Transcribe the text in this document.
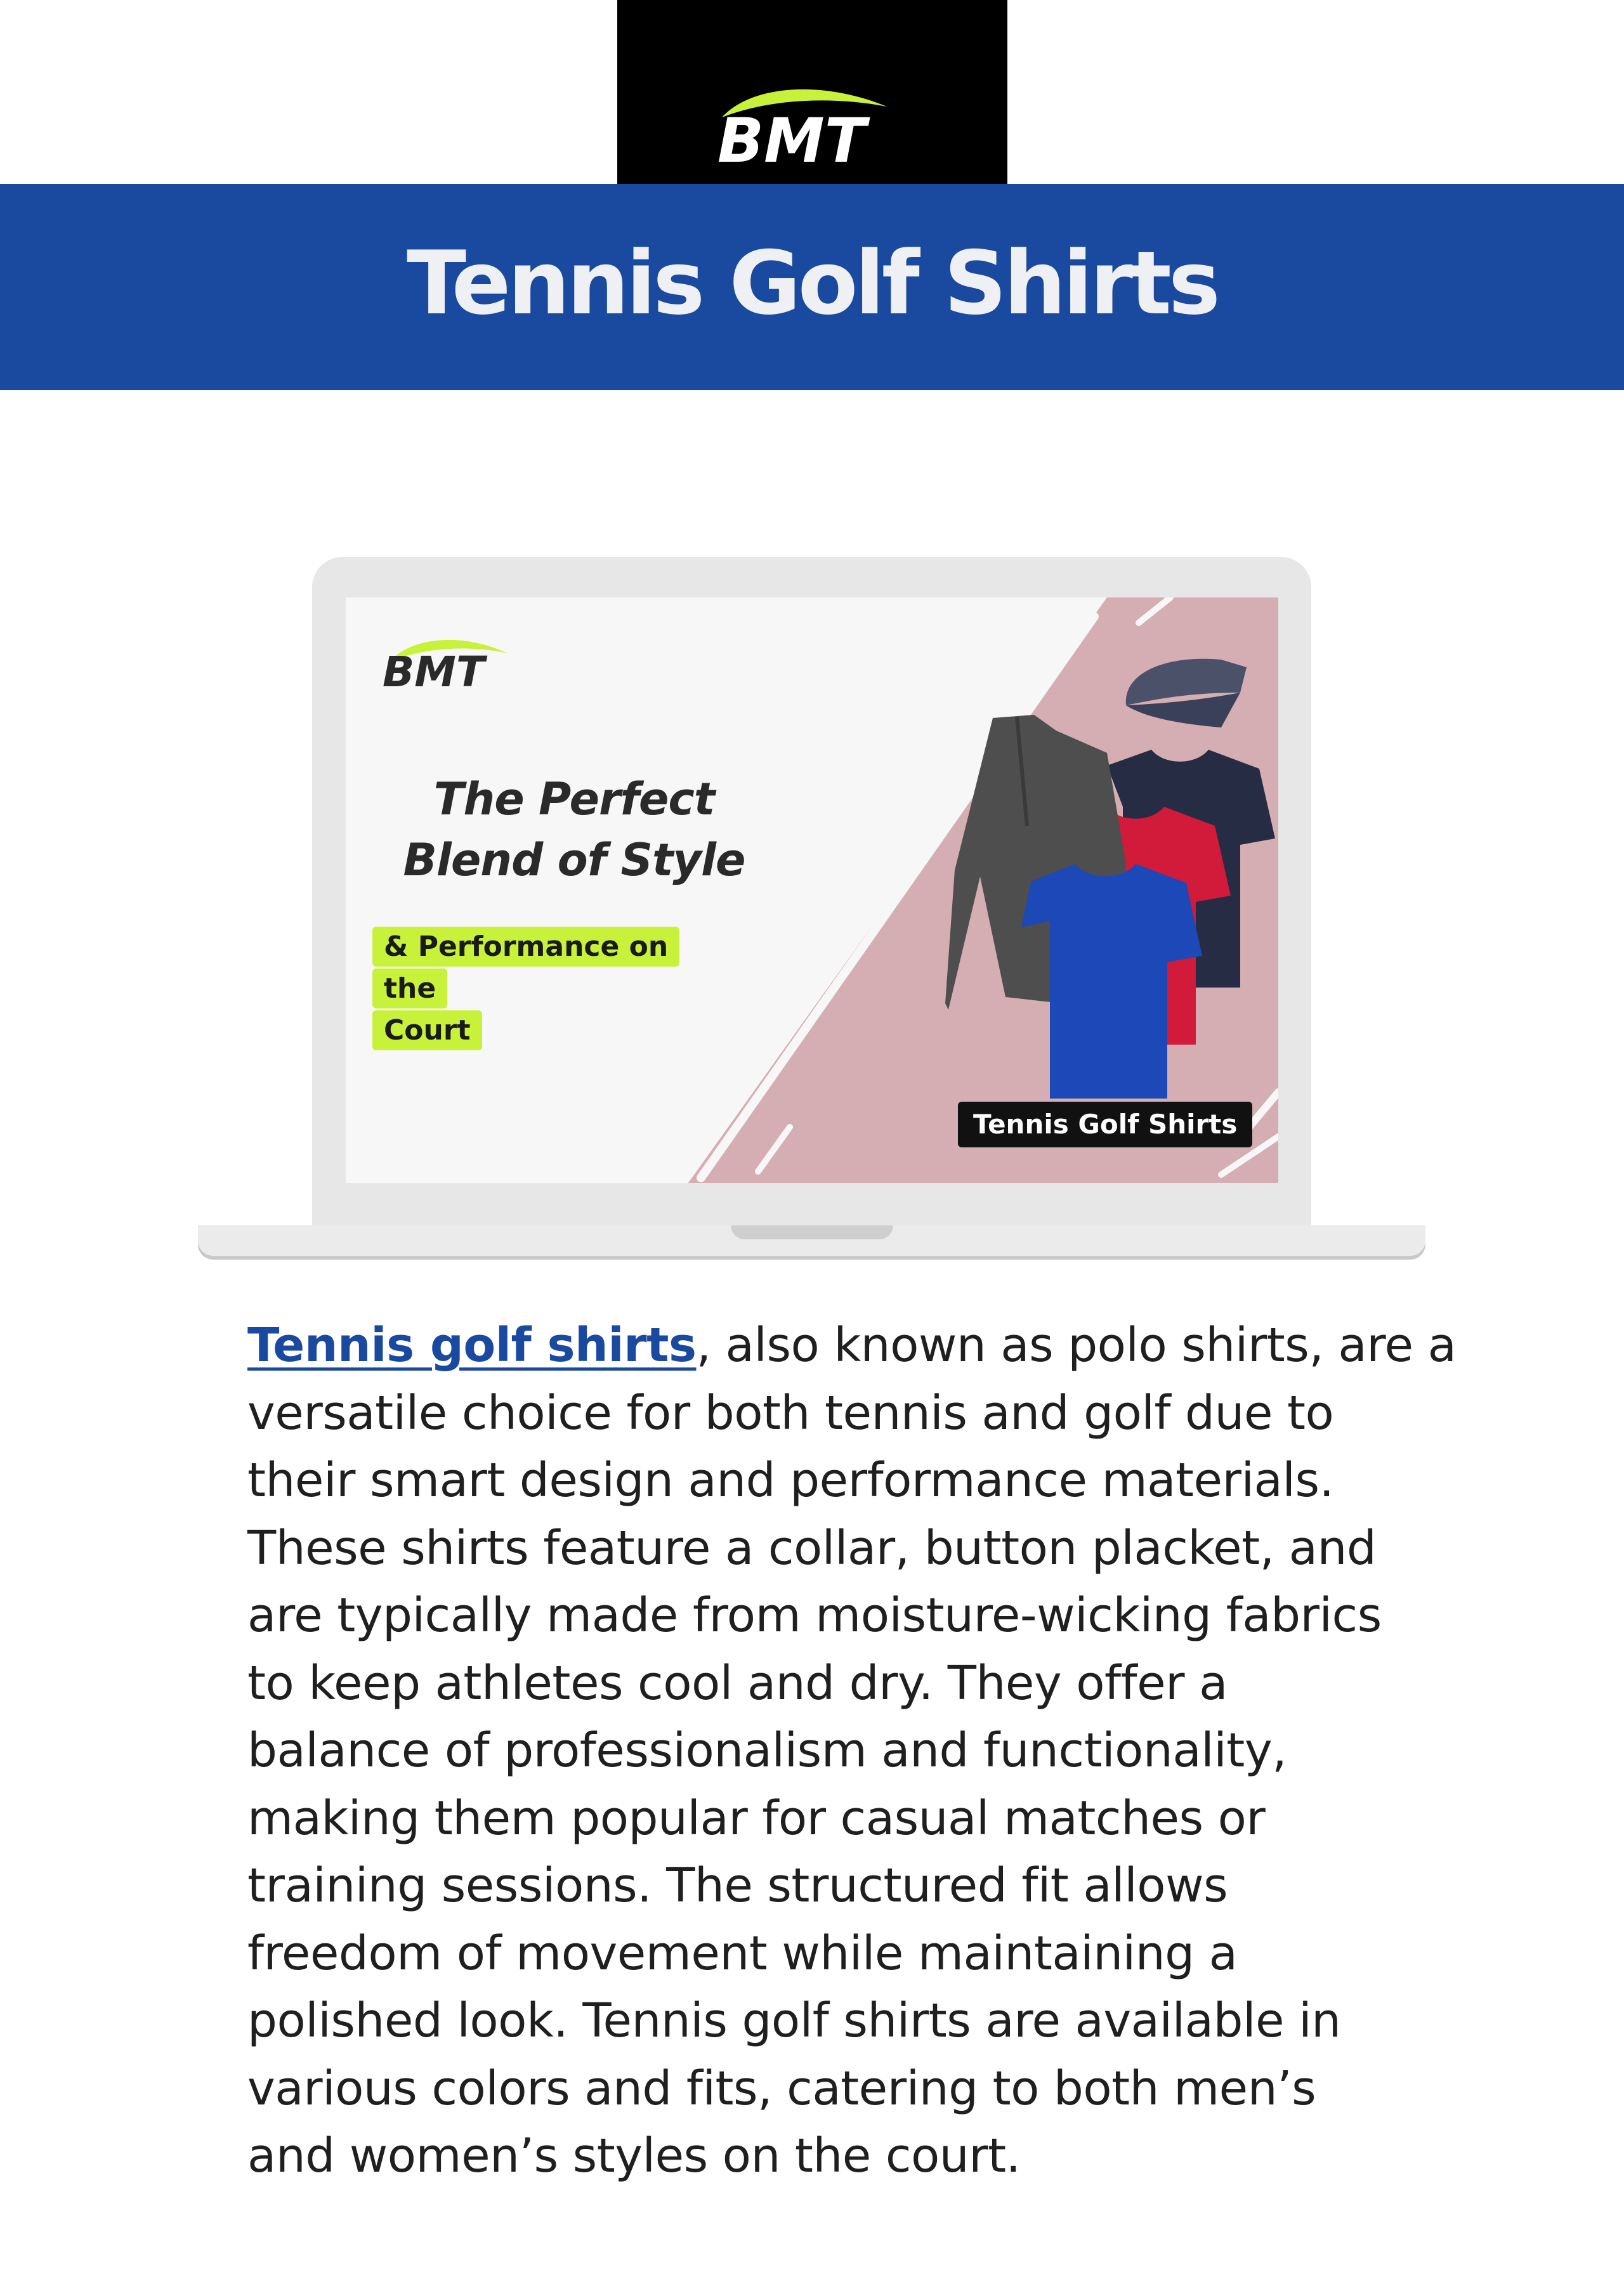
BMT
Tennis Golf Shirts
BMT
The Perfect
Blend of Style
& Performance on the
Court
Tennis Golf Shirts
Tennis golf shirts, also known as polo shirts, are a
versatile choice for both tennis and golf due to
their smart design and performance materials.
These shirts feature a collar, button placket, and
are typically made from moisture-wicking fabrics
to keep athletes cool and dry. They offer a
balance of professionalism and functionality,
making them popular for casual matches or
training sessions. The structured fit allows
freedom of movement while maintaining a
polished look. Tennis golf shirts are available in
various colors and fits, catering to both men’s
and women’s styles on the court.
